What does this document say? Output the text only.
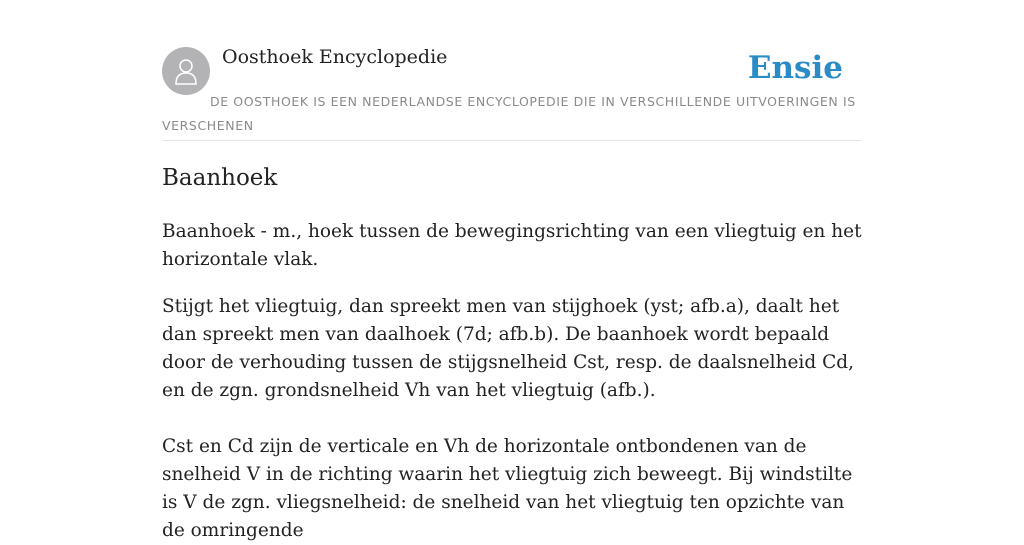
Oosthoek Encyclopedie	Ensie
DE OOSTHOEK IS EEN NEDERLANDSE ENCYCLOPEDIE DIE IN VERSCHILLENDE UITVOERINGEN IS VERSCHENEN
Baanhoek

Baanhoek - m., hoek tussen de bewegingsrichting van een vliegtuig en het horizontale vlak.

Stijgt het vliegtuig, dan spreekt men van stijghoek (yst; afb.a), daalt het dan spreekt men van daalhoek (7d; afb.b). De baanhoek wordt bepaald door de verhouding tussen de stijgsnelheid Cst, resp. de daalsnelheid Cd, en de zgn. grondsnelheid Vh van het vliegtuig (afb.).

Cst en Cd zijn de verticale en Vh de horizontale ontbondenen van de snelheid V in de richting waarin het vliegtuig zich beweegt. Bij windstilte is V de zgn. vliegsnelheid: de snelheid van het vliegtuig ten opzichte van de omringende
